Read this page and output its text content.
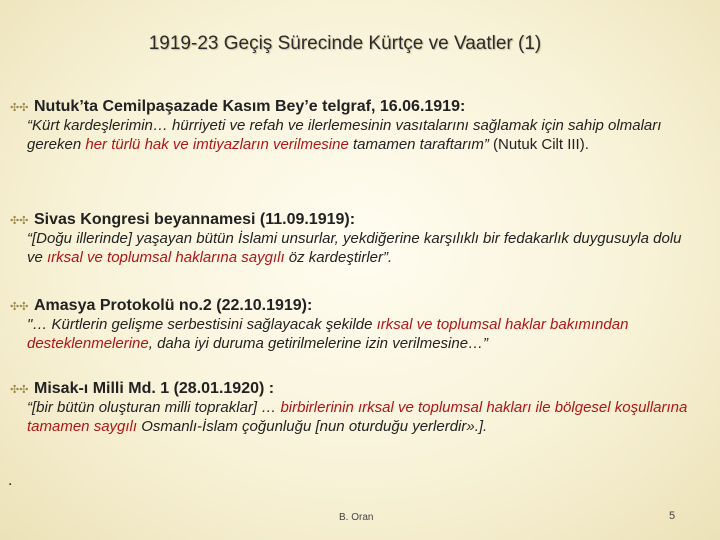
1919-23 Geçiş Sürecinde Kürtçe ve Vaatler (1)
✣✣ Nutuk’ta Cemilpaşazade Kasım Bey’e telgraf, 16.06.1919:
“Kürt kardeşlerimin… hürriyeti ve refah ve ilerlemesinin vasıtalarını sağlamak için sahip olmaları gereken her türlü hak ve imtiyazların verilmesine tamamen taraftarım” (Nutuk Cilt III).
✣✣ Sivas Kongresi beyannamesi (11.09.1919):
“[Doğu illerinde] yaşayan bütün İslami unsurlar, yekdiğerine karşılıklı bir fedakarlık duygusuyla dolu ve ırksal ve toplumsal haklarına saygılı öz kardeştirler”.
✣✣ Amasya Protokolü no.2 (22.10.1919):
"… Kürtlerin gelişme serbestisini sağlayacak şekilde ırksal ve toplumsal haklar bakımından desteklenmelerine, daha iyi duruma getirilmelerine izin verilmesine…”
✣✣ Misak-ı Milli Md. 1 (28.01.1920) :
“[bir bütün oluşturan milli topraklar] … birbirlerinin ırksal ve toplumsal hakları ile bölgesel koşullarına tamamen saygılı Osmanlı-İslam çoğunluğu [nun oturduğu yerlerdir».].
.
B. Oran	5
